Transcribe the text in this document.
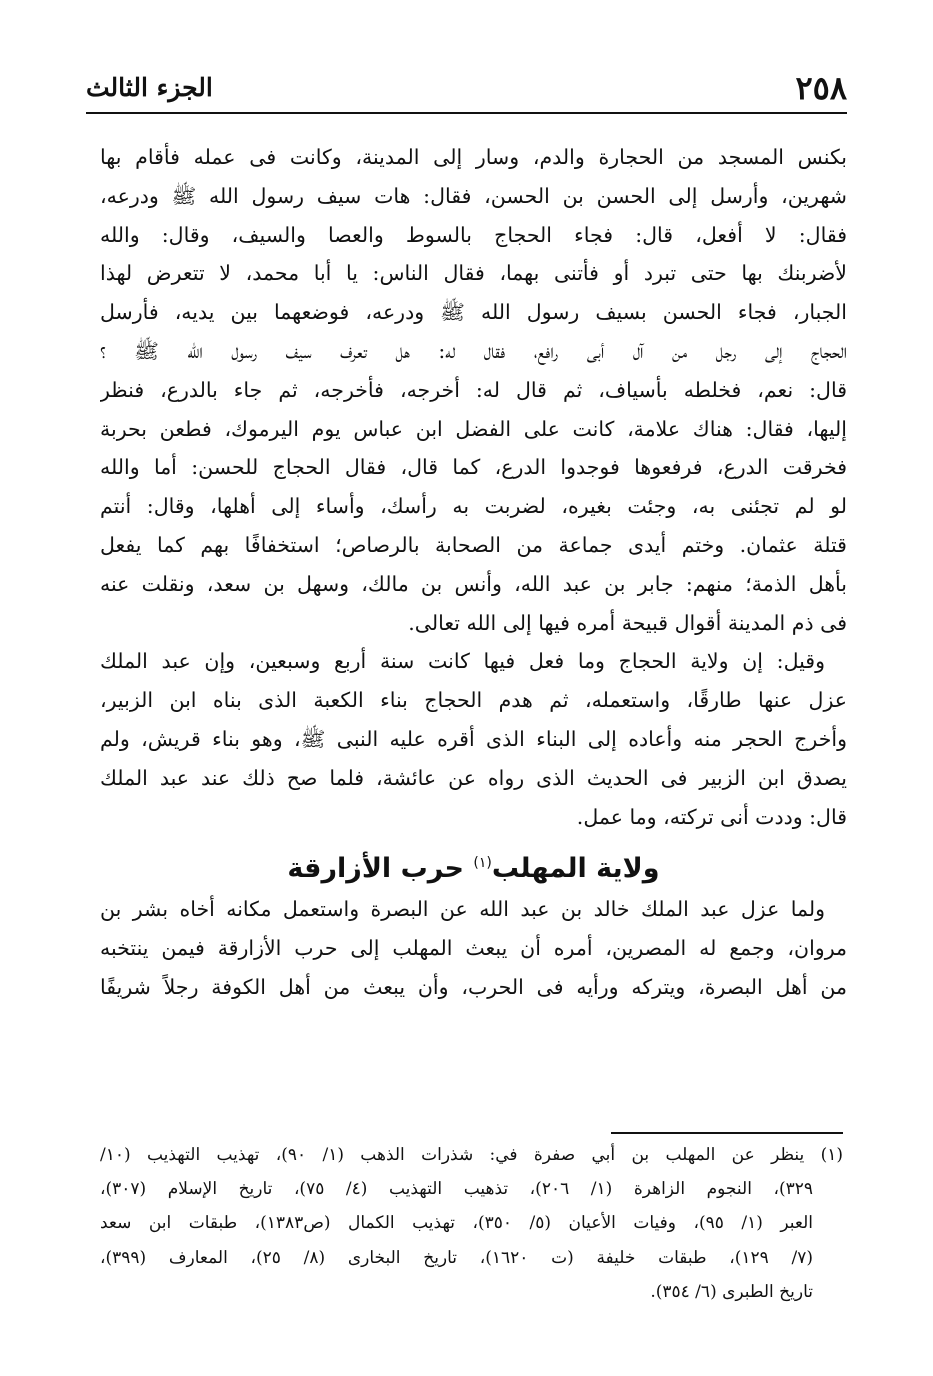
٢٥٨
الجزء الثالث
بكنس المسجد من الحجارة والدم، وسار إلى المدينة، وكانت فى عمله فأقام بها
شهرين، وأرسل إلى الحسن بن الحسن، فقال: هات سيف رسول الله ﷺ ودرعه،
فقال: لا أفعل، قال: فجاء الحجاج بالسوط والعصا والسيف، وقال: والله
لأضربنك بها حتى تبرد أو فأتنى بهما، فقال الناس: يا أبا محمد، لا تتعرض لهذا
الجبار، فجاء الحسن بسيف رسول الله ﷺ ودرعه، فوضعهما بين يديه، فأرسل
الحجاج إلى رجل من آل أبى رافع، فقال له: هل تعرف سيف رسول الله ﷺ ؟
قال: نعم، فخلطه بأسياف، ثم قال له: أخرجه، فأخرجه، ثم جاء بالدرع، فنظر
إليها، فقال: هناك علامة، كانت على الفضل ابن عباس يوم اليرموك، فطعن بحربة
فخرقت الدرع، فرفعوها فوجدوا الدرع، كما قال، فقال الحجاج للحسن: أما والله
لو لم تجئنى به، وجئت بغيره، لضربت به رأسك، وأساء إلى أهلها، وقال: أنتم
قتلة عثمان. وختم أيدى جماعة من الصحابة بالرصاص؛ استخفافًا بهم كما يفعل
بأهل الذمة؛ منهم: جابر بن عبد الله، وأنس بن مالك، وسهل بن سعد، ونقلت عنه
فى ذم المدينة أقوال قبيحة أمره فيها إلى الله تعالى.
وقيل: إن ولاية الحجاج وما فعل فيها كانت سنة أربع وسبعين، وإن عبد الملك
عزل عنها طارقًا، واستعمله، ثم هدم الحجاج بناء الكعبة الذى بناه ابن الزبير،
وأخرج الحجر منه وأعاده إلى البناء الذى أقره عليه النبى ﷺ، وهو بناء قريش، ولم
يصدق ابن الزبير فى الحديث الذى رواه عن عائشة، فلما صح ذلك عند عبد الملك
قال: وددت أنى تركته، وما عمل.
ولاية المهلب$^{(١)}$ حرب الأزارقة
ولما عزل عبد الملك خالد بن عبد الله عن البصرة واستعمل مكانه أخاه بشر بن
مروان، وجمع له المصرين، أمره أن يبعث المهلب إلى حرب الأزارقة فيمن ينتخبه
من أهل البصرة، ويتركه ورأيه فى الحرب، وأن يبعث من أهل الكوفة رجلاً شريفًا
(١) ينظر عن المهلب بن أبي صفرة في: شذرات الذهب (١/ ٩٠)، تهذيب التهذيب (١٠/
٣٢٩)، النجوم الزاهرة (١/ ٢٠٦)، تذهيب التهذيب (٤/ ٧٥)، تاريخ الإسلام (٣٠٧)،
العبر (١/ ٩٥)، وفيات الأعيان (٥/ ٣٥٠)، تهذيب الكمال (ص١٣٨٣)، طبقات ابن سعد
(٧/ ١٢٩)، طبقات خليفة (ت ١٦٢٠)، تاريخ البخارى (٨/ ٢٥)، المعارف (٣٩٩)،
تاريخ الطبرى (٦/ ٣٥٤).
